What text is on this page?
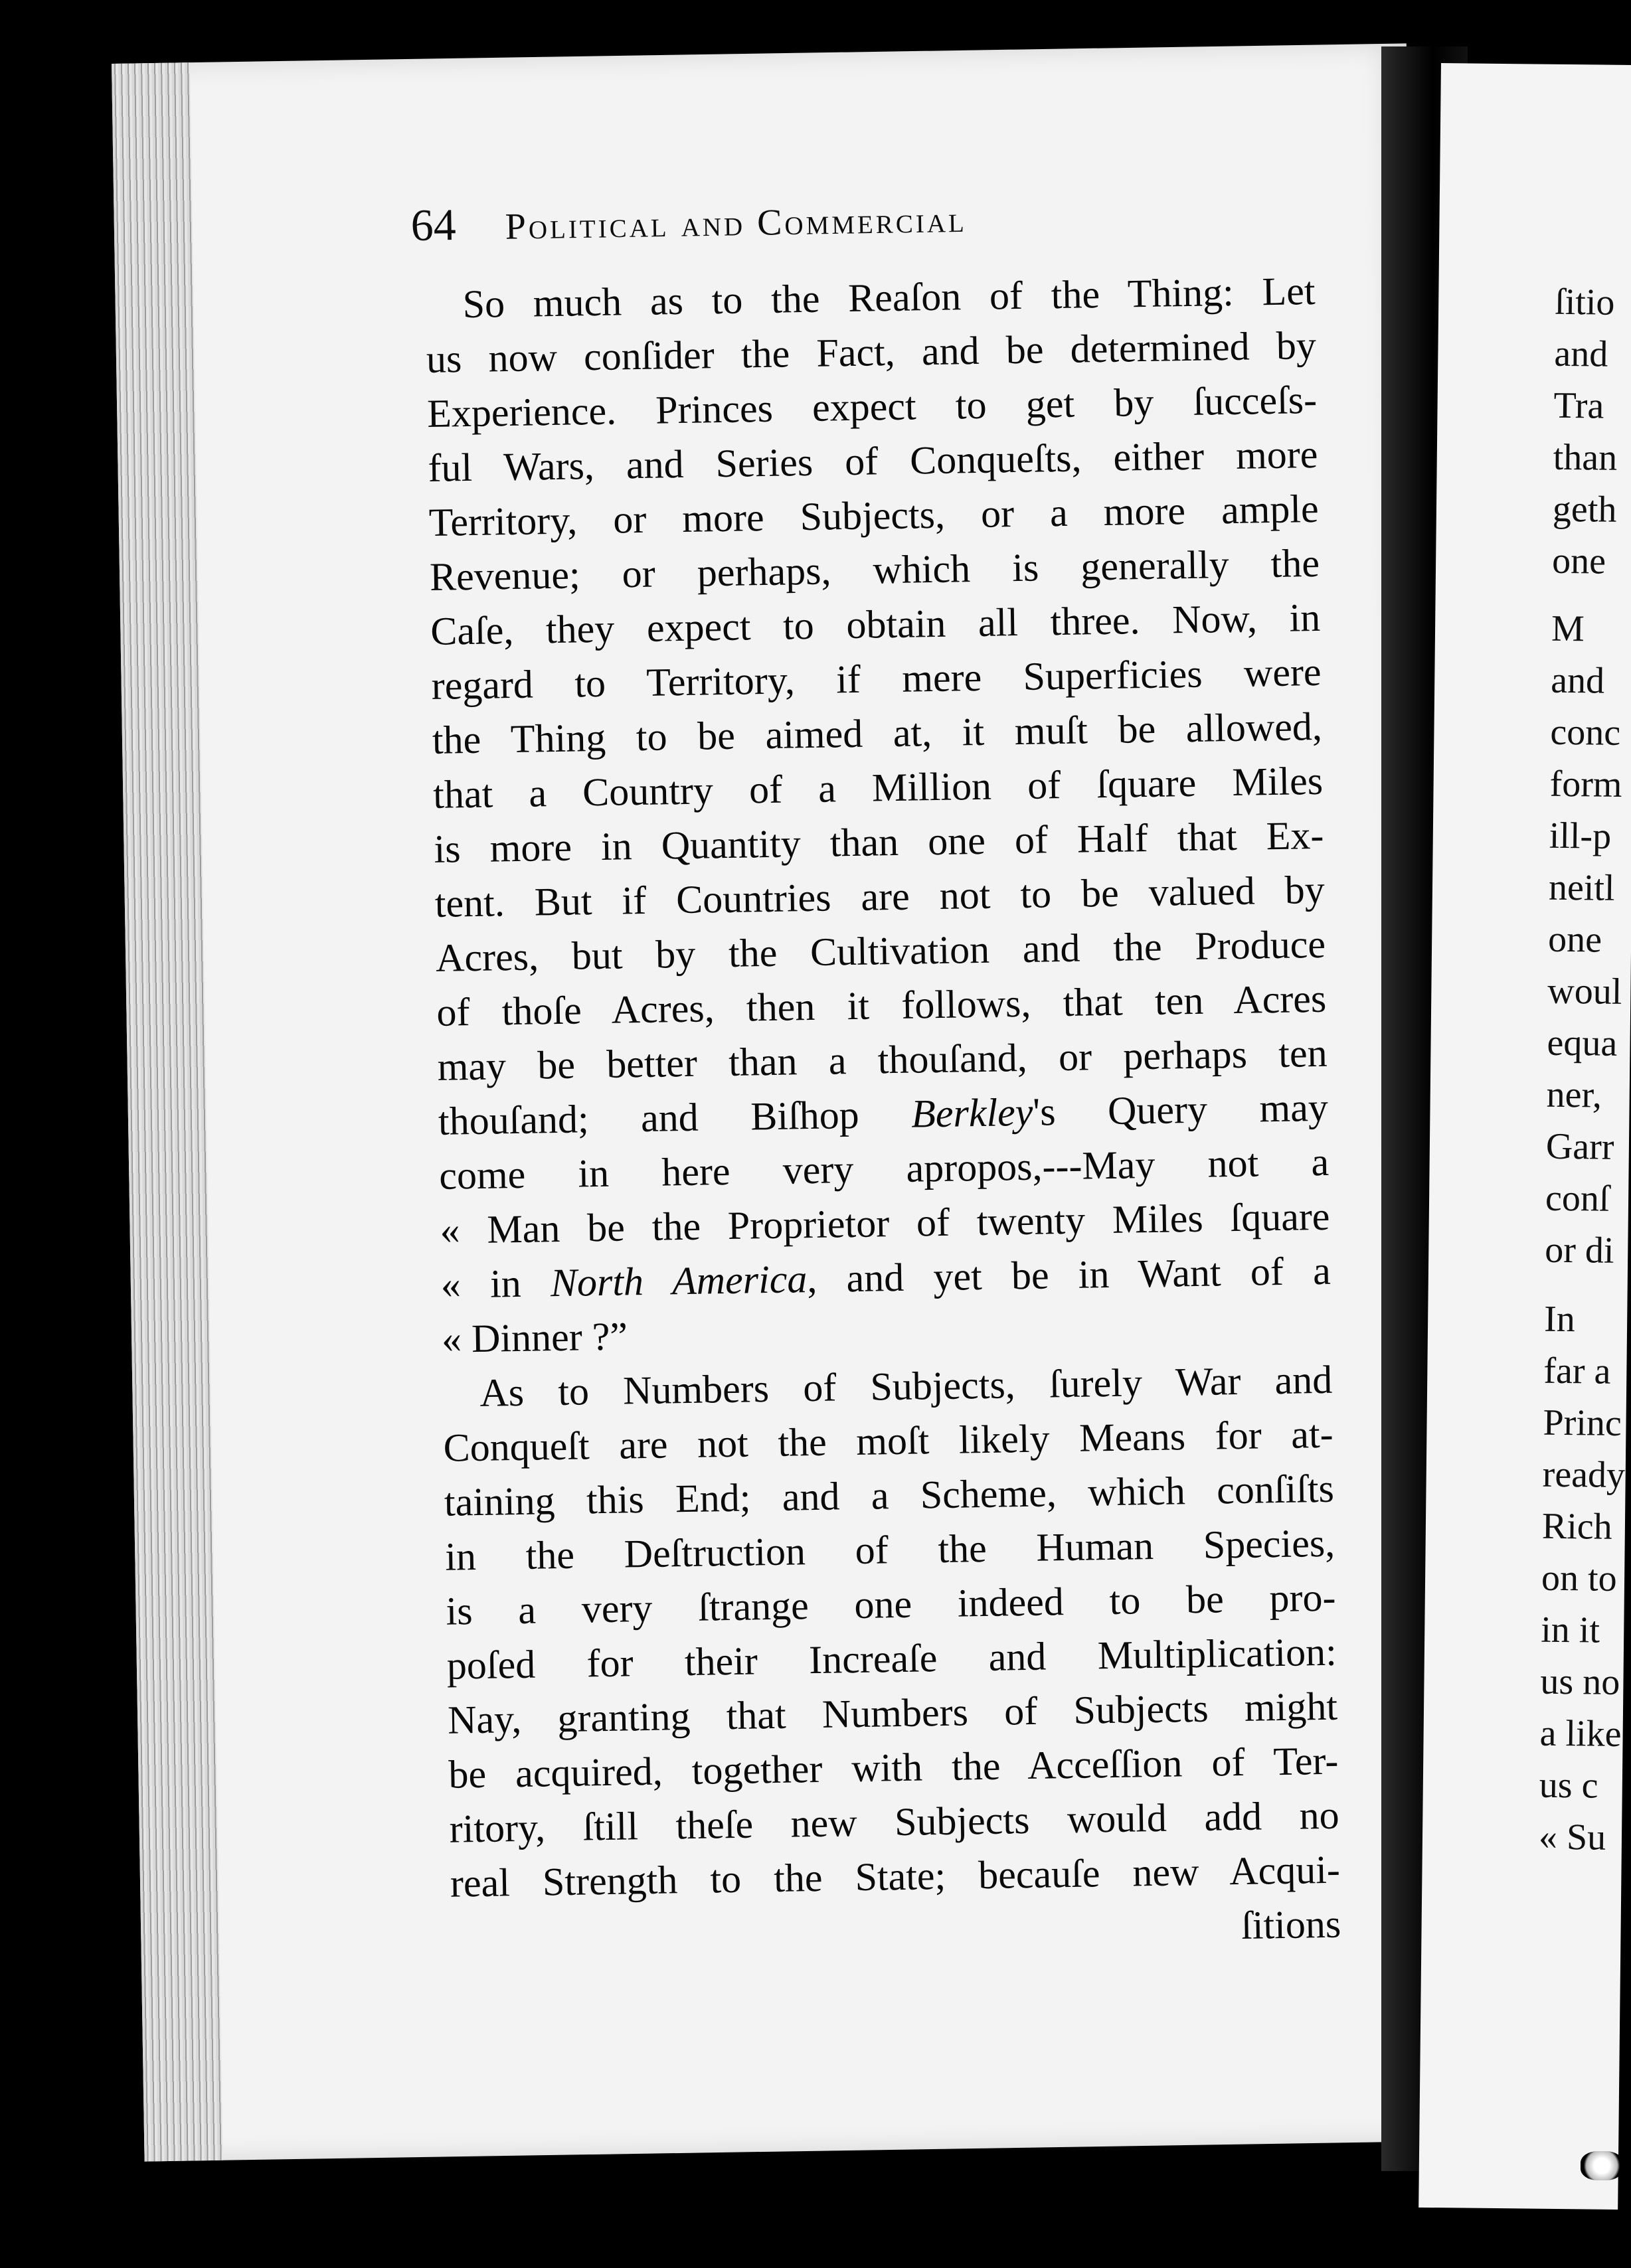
ſitio
and
Tra
than
geth
one
M
and
conc
form
ill-p
neitl
one
woul
equa
ner,
Garr
conſ
or di
In
far a
Princ
ready
Rich
on to
in it
us no
a like
us c
« Su
64 Political and Commercial
So much as to the Reaſon of the Thing: Let
us now conſider the Fact, and be determined by
Experience. Princes expect to get by ſucceſs-
ful Wars, and Series of Conqueſts, either more
Territory, or more Subjects, or a more ample
Revenue; or perhaps, which is generally the
Caſe, they expect to obtain all three. Now, in
regard to Territory, if mere Superficies were
the Thing to be aimed at, it muſt be allowed,
that a Country of a Million of ſquare Miles
is more in Quantity than one of Half that Ex-
tent. But if Countries are not to be valued by
Acres, but by the Cultivation and the Produce
of thoſe Acres, then it follows, that ten Acres
may be better than a thouſand, or perhaps ten
thouſand; and Biſhop Berkley's Query may
come in here very apropos,---May not a
« Man be the Proprietor of twenty Miles ſquare
« in North America, and yet be in Want of a
« Dinner ?”
As to Numbers of Subjects, ſurely War and
Conqueſt are not the moſt likely Means for at-
taining this End; and a Scheme, which conſiſts
in the Deſtruction of the Human Species,
is a very ſtrange one indeed to be pro-
poſed for their Increaſe and Multiplication:
Nay, granting that Numbers of Subjects might
be acquired, together with the Acceſſion of Ter-
ritory, ſtill theſe new Subjects would add no
real Strength to the State; becauſe new Acqui-
ſitions
